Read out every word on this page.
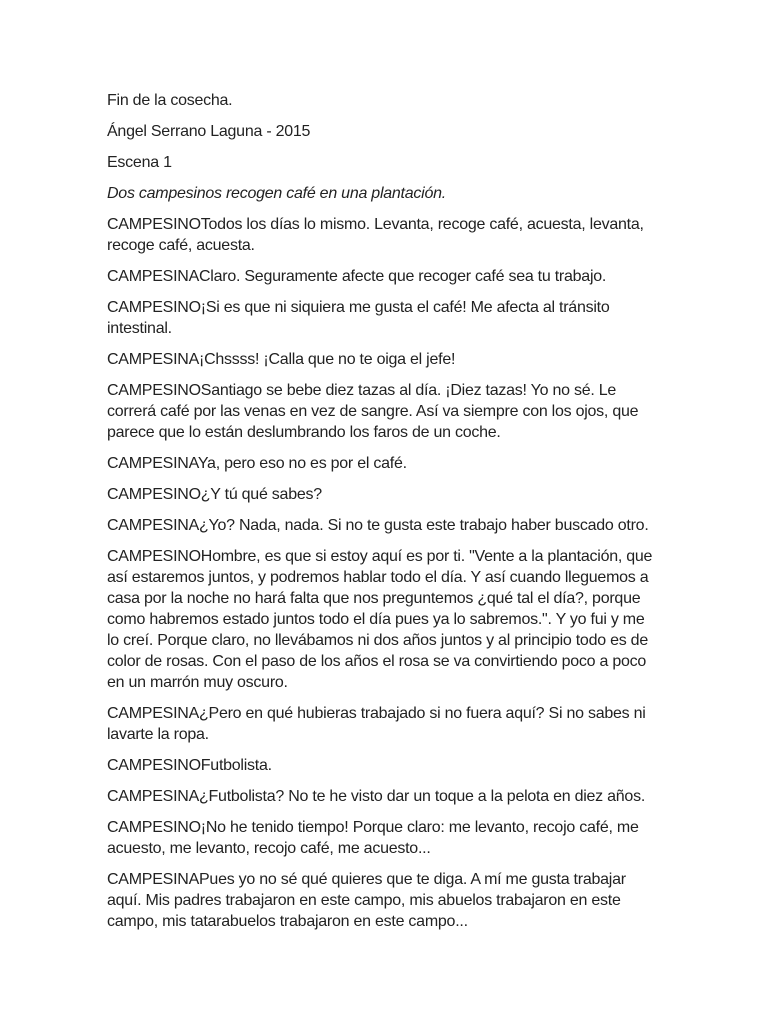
Fin de la cosecha.

Ángel Serrano Laguna - 2015

Escena 1

Dos campesinos recogen café en una plantación.

CAMPESINOTodos los días lo mismo. Levanta, recoge café, acuesta, levanta, recoge café, acuesta.

CAMPESINAClaro. Seguramente afecte que recoger café sea tu trabajo.

CAMPESINO¡Si es que ni siquiera me gusta el café! Me afecta al tránsito intestinal.

CAMPESINA¡Chssss! ¡Calla que no te oiga el jefe!

CAMPESINOSantiago se bebe diez tazas al día. ¡Diez tazas! Yo no sé. Le correrá café por las venas en vez de sangre. Así va siempre con los ojos, que parece que lo están deslumbrando los faros de un coche.

CAMPESINAYa, pero eso no es por el café.

CAMPESINO¿Y tú qué sabes?

CAMPESINA¿Yo? Nada, nada. Si no te gusta este trabajo haber buscado otro.

CAMPESINOHombre, es que si estoy aquí es por ti. "Vente a la plantación, que así estaremos juntos, y podremos hablar todo el día. Y así cuando lleguemos a casa por la noche no hará falta que nos preguntemos ¿qué tal el día?, porque como habremos estado juntos todo el día pues ya lo sabremos.". Y yo fui y me lo creí. Porque claro, no llevábamos ni dos años juntos y al principio todo es de color de rosas. Con el paso de los años el rosa se va convirtiendo poco a poco en un marrón muy oscuro.

CAMPESINA¿Pero en qué hubieras trabajado si no fuera aquí? Si no sabes ni lavarte la ropa.

CAMPESINOFutbolista.

CAMPESINA¿Futbolista? No te he visto dar un toque a la pelota en diez años.

CAMPESINO¡No he tenido tiempo! Porque claro: me levanto, recojo café, me acuesto, me levanto, recojo café, me acuesto...

CAMPESINAPues yo no sé qué quieres que te diga. A mí me gusta trabajar aquí. Mis padres trabajaron en este campo, mis abuelos trabajaron en este campo, mis tatarabuelos trabajaron en este campo...
